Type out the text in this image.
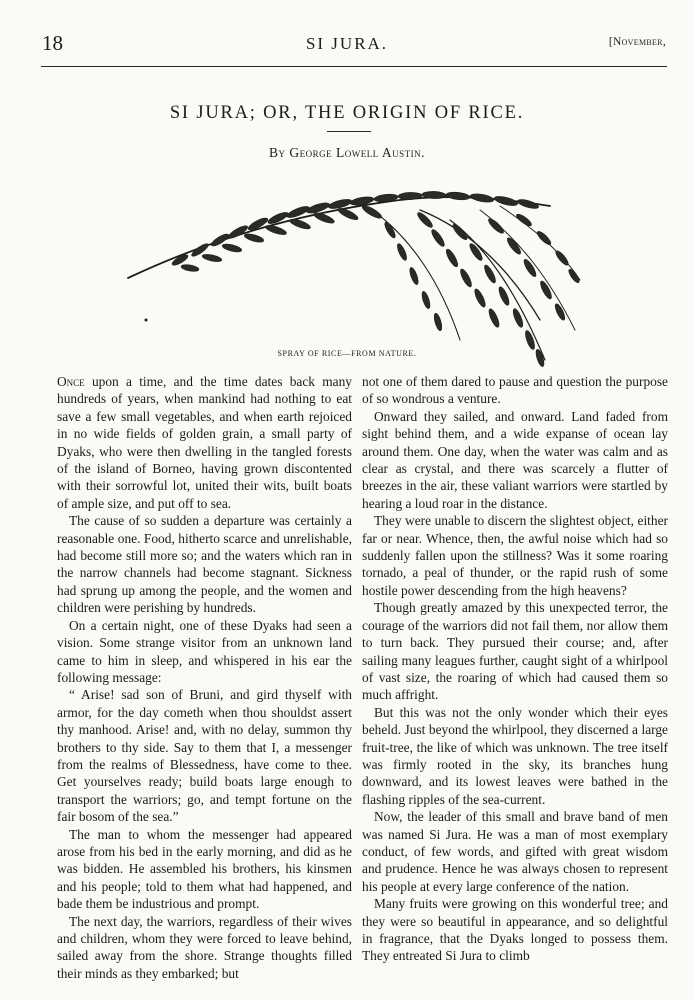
18	SI JURA.	[November,
SI JURA; OR, THE ORIGIN OF RICE.
By George Lowell Austin.
SPRAY OF RICE—FROM NATURE.

Once upon a time, and the time dates back many hundreds of years, when mankind had nothing to eat save a few small vegetables, and when earth rejoiced in no wide fields of golden grain, a small party of Dyaks, who were then dwelling in the tangled forests of the island of Borneo, having grown discontented with their sorrowful lot, united their wits, built boats of ample size, and put off to sea.

The cause of so sudden a departure was certainly a reasonable one. Food, hitherto scarce and unrelishable, had become still more so; and the waters which ran in the narrow channels had become stagnant. Sickness had sprung up among the people, and the women and children were perishing by hundreds.

On a certain night, one of these Dyaks had seen a vision. Some strange visitor from an unknown land came to him in sleep, and whispered in his ear the following message:

“ Arise! sad son of Bruni, and gird thyself with armor, for the day cometh when thou shouldst assert thy manhood. Arise! and, with no delay, summon thy brothers to thy side. Say to them that I, a messenger from the realms of Blessedness, have come to thee. Get yourselves ready; build boats large enough to transport the warriors; go, and tempt fortune on the fair bosom of the sea.”

The man to whom the messenger had appeared arose from his bed in the early morning, and did as he was bidden. He assembled his brothers, his kinsmen and his people; told to them what had happened, and bade them be industrious and prompt.

The next day, the warriors, regardless of their wives and children, whom they were forced to leave behind, sailed away from the shore. Strange thoughts filled their minds as they embarked; but

not one of them dared to pause and question the purpose of so wondrous a venture.

Onward they sailed, and onward. Land faded from sight behind them, and a wide expanse of ocean lay around them. One day, when the water was calm and as clear as crystal, and there was scarcely a flutter of breezes in the air, these valiant warriors were startled by hearing a loud roar in the distance.

They were unable to discern the slightest object, either far or near. Whence, then, the awful noise which had so suddenly fallen upon the stillness? Was it some roaring tornado, a peal of thunder, or the rapid rush of some hostile power descending from the high heavens?

Though greatly amazed by this unexpected terror, the courage of the warriors did not fail them, nor allow them to turn back. They pursued their course; and, after sailing many leagues further, caught sight of a whirlpool of vast size, the roaring of which had caused them so much affright.

But this was not the only wonder which their eyes beheld. Just beyond the whirlpool, they discerned a large fruit-tree, the like of which was unknown. The tree itself was firmly rooted in the sky, its branches hung downward, and its lowest leaves were bathed in the flashing ripples of the sea-current.

Now, the leader of this small and brave band of men was named Si Jura. He was a man of most exemplary conduct, of few words, and gifted with great wisdom and prudence. Hence he was always chosen to represent his people at every large conference of the nation.

Many fruits were growing on this wonderful tree; and they were so beautiful in appearance, and so delightful in fragrance, that the Dyaks longed to possess them. They entreated Si Jura to climb
